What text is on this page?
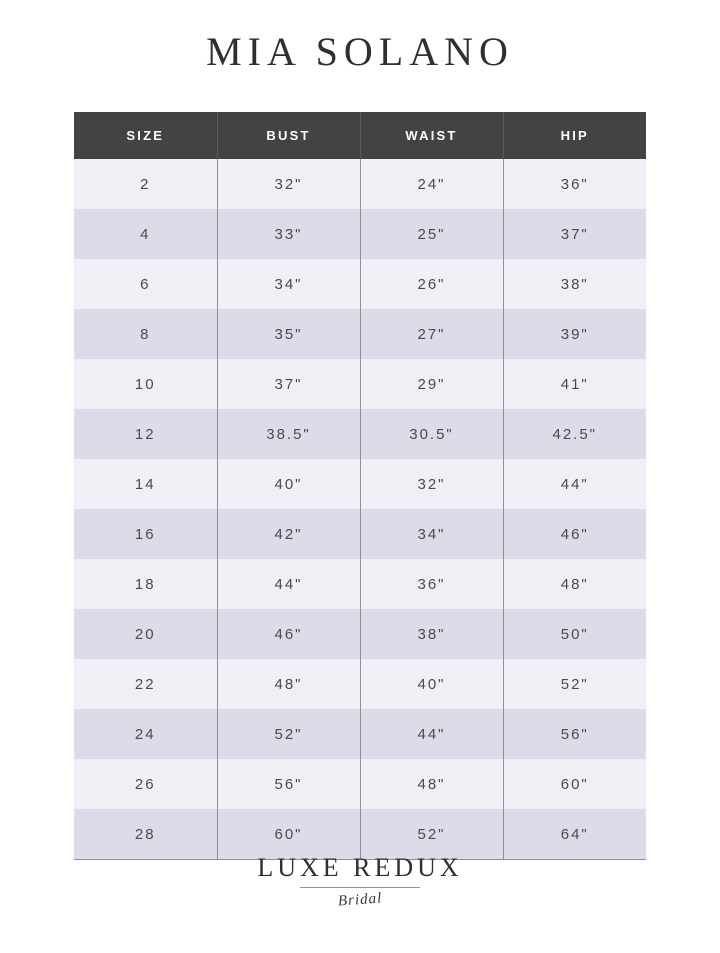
MIA SOLANO
SIZE	BUST	WAIST	HIP
2	32"	24"	36"
4	33"	25"	37"
6	34"	26"	38"
8	35"	27"	39"
10	37"	29"	41"
12	38.5"	30.5"	42.5"
14	40"	32"	44"
16	42"	34"	46"
18	44"	36"	48"
20	46"	38"	50"
22	48"	40"	52"
24	52"	44"	56"
26	56"	48"	60"
28	60"	52"	64"
LUXE REDUX
Bridal
